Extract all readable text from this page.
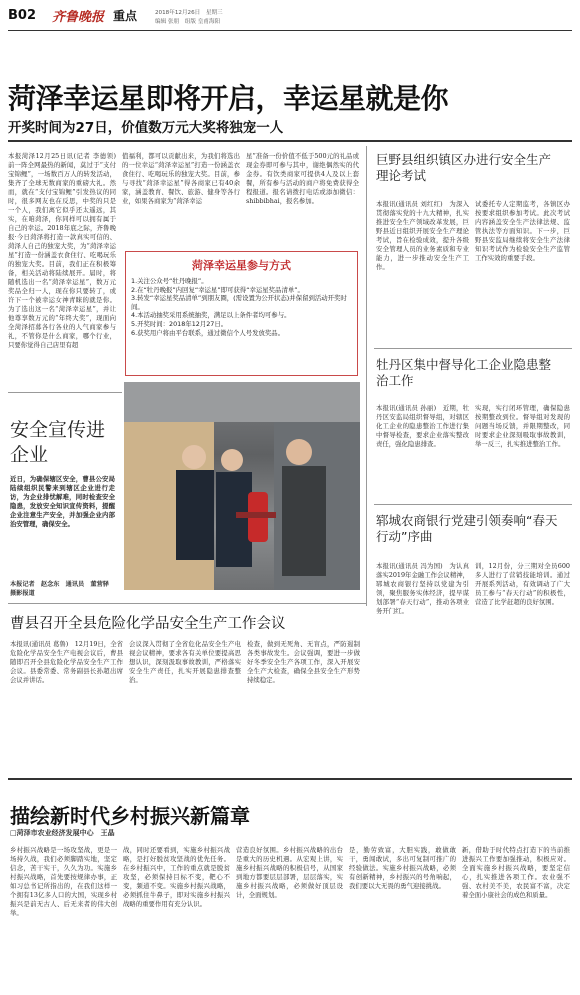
B02 齐鲁晚报 重点	2018年12月26日　星期三
编辑 张朋　组版 皇甫海阳
菏泽幸运星即将开启，幸运星就是你
开奖时间为27日，价值数万元大奖将独宠一人
本报菏泽12月25日讯(记者 李德领)　前一阵全网最热的新闻，莫过于“支付宝锦鲤”，一场数百万人的转发活动，集齐了全球无数商家的重磅大礼。然而，就在“支付宝锦鲤”引发热议的同时，很多网友也在反思，中奖的只是一个人，我们离它似乎还太遥远，其实，在咱菏泽，你同样可以拥有属于自己的幸运。2018年底之际，齐鲁晚报·今日菏泽将打造一款真实可信的、菏泽人自己的独宠大奖，为“菏泽幸运星”打造一份涵盖衣食住行、吃喝玩乐的独宠大奖。目前，我们正在积极筹备，相关活动将陆续展开。届时，将随机选出一名“菏泽幸运星”，数万元奖品全归一人，现在你只要转了，或许下一个被幸运女神青睐的就是你。为了选出这一名“菏泽幸运星”，并让他尊享数万元的“年终大奖”，现面向全菏泽招募各行各业的人气商家参与礼，不管你是什么商家，哪个行业，只要你觉得自己店里有超
值福利，都可以贡献出来，为我们将选出的一位幸运“菏泽幸运星”打造一份涵盖衣食住行、吃喝玩乐的独宠大奖。目前，参与寻找“菏泽幸运星”得各商家已有40余家，涵盖教育、餐饮、旅游、健身等各行业，如果各商家为“菏泽幸运
星”准备一份价值不低于500元的礼品或现金券即可参与其中，谢绝偶然实的代金券。有饮类商家可提供4人及以上套餐，所有参与活动的商户将免费获得全程报道。报名请拨打电话或添加微信：shibbibhai，报名参加。
菏泽幸运星参与方式
1.关注公众号“牡丹晚报”。
2.在“牡丹晚报”内回复“幸运星”即可获得“幸运星奖品清单”。
3.转发“幸运星奖品清单”到朋友圈，(需设置为公开状态)并保留到活动开奖时间。
4.本活动抽奖采用系统抽奖，满足以上条件者均可参与。
5.开奖时间：2018年12月27日。
6.获奖用户将由平台联系，通过微信个人号发放奖品。
安全宣传进企业
近日，为确保辖区安全，曹县公安局陆续组织民警来到辖区企业进行走访，为企业排忧解难，同时检查安全隐患，发放安全知识宣传资料，提醒企业注意生产安全，并加强企业内部治安管理，确保安全。
本报记者　赵念东　通讯员　董营驿　摄影报道
巨野县组织镇区办进行安全生产理论考试
本报讯(通讯员 刘红红)　为深入贯彻落实党的十九大精神，扎实推进安全生产领域改革发展，巨野县近日组织开展安全生产理论考试，旨在检验成效，提升各级安全管理人员的业务素质和专业能力，进一步推动安全生产工作。
试委托专人定期监考，各镇区办按要求组织参加考试。此次考试内容涵盖安全生产法律法规、监管执法等方面知识。下一步，巨野县安监局继续将安全生产法律知识考试作为检验安全生产监管工作实效的重要手段。
牡丹区集中督导化工企业隐患整治工作
本报讯(通讯员 孙丽)　近期，牡丹区安监局组织督导组，对辖区化工企业的隐患整治工作进行集中督导检查，要求企业落实整改责任，强化隐患排查。
实现，实行闭环管理，确保隐患按期整改到位。督导组对发现的问题当场反馈，并限期整改，同时要求企业深刻吸取事故教训，举一反三，扎实推进整治工作。
郓城农商银行党建引领奏响“春天行动”序曲
本报讯(通讯员 冯为国)　为认真落实2019年金融工作会议精神，郓城农商银行坚持以党建为引领，聚焦服务实体经济，提早谋划部署“春天行动”，推动各项业务开门红。
训，12月份，分三期对全员600多人进行了营销技能培训。通过开展系列活动，有效调动了广大员工参与“春天行动”的积极性，营造了比学赶超的良好氛围。
曹县召开全县危险化学品安全生产工作会议
本报讯(通讯员 葛鲁)　12月19日，全省危险化学品安全生产电视会议后，曹县随即召开全县危险化学品安全生产工作会议。县委常委、常务副县长孙超出席会议并讲话。
会议深入贯彻了全省危化品安全生产电视会议精神，要求各有关单位要提高思想认识，深刻汲取事故教训，严格落实安全生产责任，扎实开展隐患排查整治。
检查，做到无死角、无盲点，严防遏制各类事故发生。会议强调，要进一步做好冬季安全生产各项工作，深入开展安全生产大检查，确保全县安全生产形势持续稳定。
描绘新时代乡村振兴新篇章
□菏泽市农业经济发展中心　王晶
乡村振兴战略是一场攻坚战，更是一场持久战，我们必须脚踏实地，坚定信念，苦干实干，久久为功。实施乡村振兴战略，首先要按规律办事，正如习总书记所指出的，在我们这样一个拥有13亿多人口的大国，实现乡村振兴是前无古人、后无来者的伟大创举。
战，同时还要看到，实施乡村振兴战略，是打好脱贫攻坚战的优先任务。在乡村振兴中，工作的重点就是脱贫攻坚，必须保持目标不变，靶心不变，频道不变。实施乡村振兴战略，必须抓住牛鼻子，即对实施乡村振兴战略的重要作用有充分认识。
营造良好氛围。乡村振兴战略的出台是重大的历史机遇。从宏观上讲，实施乡村振兴战略的积极信号，从国家到地方都要层层部署，层层落实，实施乡村振兴战略，必须做好顶层设计，全面规划。
是，勤劳致富，大胆实践，敢做敢干，勇闯敢试，多出可复制可推广的经验做法。实施乡村振兴战略，必须有创新精神，乡村振兴的号角响起，我们要以大无畏的勇气迎接挑战。
新，借助于时代特点打造下的当前推进振兴工作要加强推动，积极应对。全面实施乡村振兴战略，要坚定信心，扎实推进各项工作。农业强不强、农村美不美，农民富不富，决定着全面小康社会的成色和质量。
